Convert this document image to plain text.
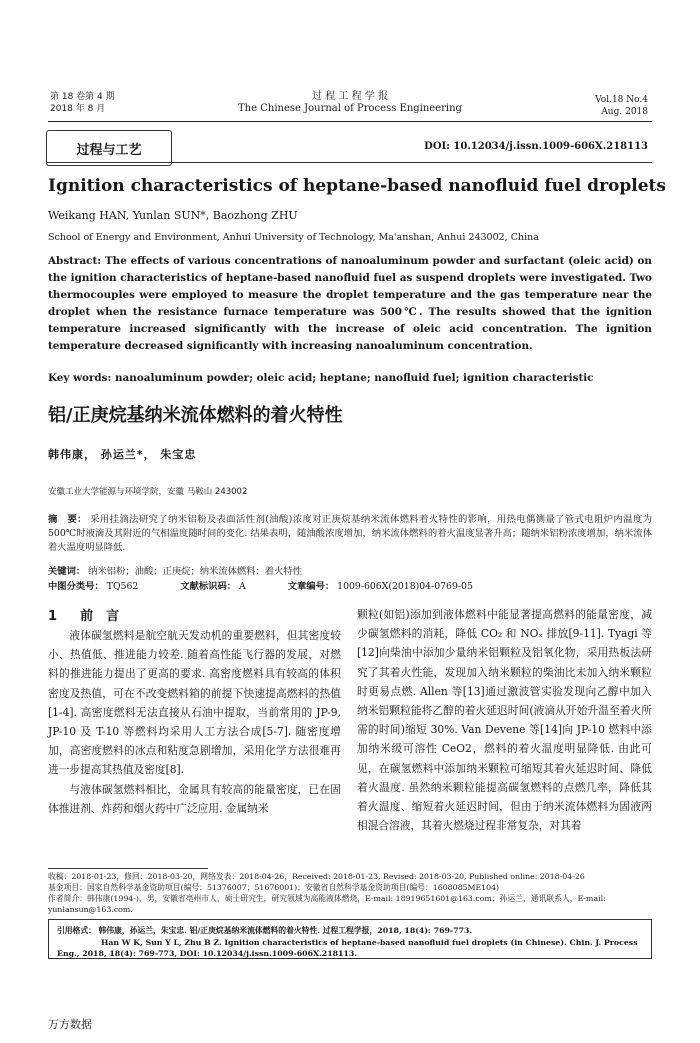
第 18 卷第 4 期
2018 年 8 月
过 程 工 程 学 报
The Chinese Journal of Process Engineering
Vol.18 No.4
Aug. 2018
过程与工艺	DOI: 10.12034/j.issn.1009-606X.218113
Ignition characteristics of heptane-based nanofluid fuel droplets
Weikang HAN, Yunlan SUN*, Baozhong ZHU
School of Energy and Environment, Anhui University of Technology, Ma'anshan, Anhui 243002, China
Abstract: The effects of various concentrations of nanoaluminum powder and surfactant (oleic acid) on the ignition characteristics of heptane-based nanofluid fuel as suspend droplets were investigated. Two thermocouples were employed to measure the droplet temperature and the gas temperature near the droplet when the resistance furnace temperature was 500℃. The results showed that the ignition temperature increased significantly with the increase of oleic acid concentration. The ignition temperature decreased significantly with increasing nanoaluminum concentration.
Key words: nanoaluminum powder; oleic acid; heptane; nanofluid fuel; ignition characteristic
铝/正庚烷基纳米流体燃料的着火特性
韩伟康， 孙运兰*， 朱宝忠
安徽工业大学能源与环境学院，安徽 马鞍山 243002
摘　要： 采用挂滴法研究了纳米铝粉及表面活性剂(油酸)浓度对正庚烷基纳米流体燃料着火特性的影响，用热电偶测量了管式电阻炉内温度为 500℃时液滴及其附近的气相温度随时间的变化. 结果表明，随油酸浓度增加，纳米流体燃料的着火温度显著升高；随纳米铝粉浓度增加，纳米流体着火温度明显降低.
关键词： 纳米铝粉；油酸；正庚烷；纳米流体燃料；着火特性
中图分类号： TQ562	文献标识码： A	文章编号： 1009-606X(2018)04-0769-05
1 前　言

液体碳氢燃料是航空航天发动机的重要燃料，但其密度较小、热值低、推进能力较差. 随着高性能飞行器的发展，对燃料的推进能力提出了更高的要求. 高密度燃料具有较高的体积密度及热值，可在不改变燃料箱的前提下快速提高燃料的热值[1-4]. 高密度燃料无法直接从石油中提取，当前常用的 JP-9, JP-10 及 T-10 等燃料均采用人工方法合成[5-7]. 随密度增加，高密度燃料的冰点和粘度急剧增加，采用化学方法很难再进一步提高其热值及密度[8].

与液体碳氢燃料相比，金属具有较高的能量密度，已在固体推进剂、炸药和烟火药中广泛应用. 金属纳米

颗粒(如铝)添加到液体燃料中能显著提高燃料的能量密度，减少碳氢燃料的消耗，降低 CO₂ 和 NOₓ 排放[9-11]. Tyagi 等[12]向柴油中添加少量纳米铝颗粒及铝氧化物，采用热板法研究了其着火性能，发现加入纳米颗粒的柴油比未加入纳米颗粒时更易点燃. Allen 等[13]通过激波管实验发现向乙醇中加入纳米铝颗粒能将乙醇的着火延迟时间(液滴从开始升温至着火所需的时间)缩短 30%. Van Devene 等[14]向 JP-10 燃料中添加纳米级可溶性 CeO2，燃料的着火温度明显降低. 由此可见，在碳氢燃料中添加纳米颗粒可缩短其着火延迟时间、降低着火温度. 虽然纳米颗粒能提高碳氢燃料的点燃几率，降低其着火温度、缩短着火延迟时间，但由于纳米流体燃料为固液两相混合溶液，其着火燃烧过程非常复杂，对其着

收稿：2018-01-23，修回：2018-03-20，网络发表：2018-04-26，Received: 2018-01-23, Revised: 2018-03-20, Published online: 2018-04-26
基金项目：国家自然科学基金资助项目(编号：51376007；51676001)；安徽省自然科学基金资助项目(编号：1608085ME104)
作者简介：韩伟康(1994-)，男，安徽省亳州市人，硕士研究生，研究领域为高能液体燃烧，E-mail: 18919651601@163.com；孙运兰，通讯联系人，E-mail: yunlansun@163.com.
引用格式： 韩伟康，孙运兰，朱宝忠. 铝/正庚烷基纳米流体燃料的着火特性. 过程工程学报，2018, 18(4): 769-773.
Han W K, Sun Y L, Zhu B Z. Ignition characteristics of heptane-based nanofluid fuel droplets (in Chinese). Chin. J. Process Eng., 2018, 18(4): 769-773, DOI: 10.12034/j.issn.1009-606X.218113.
万方数据
